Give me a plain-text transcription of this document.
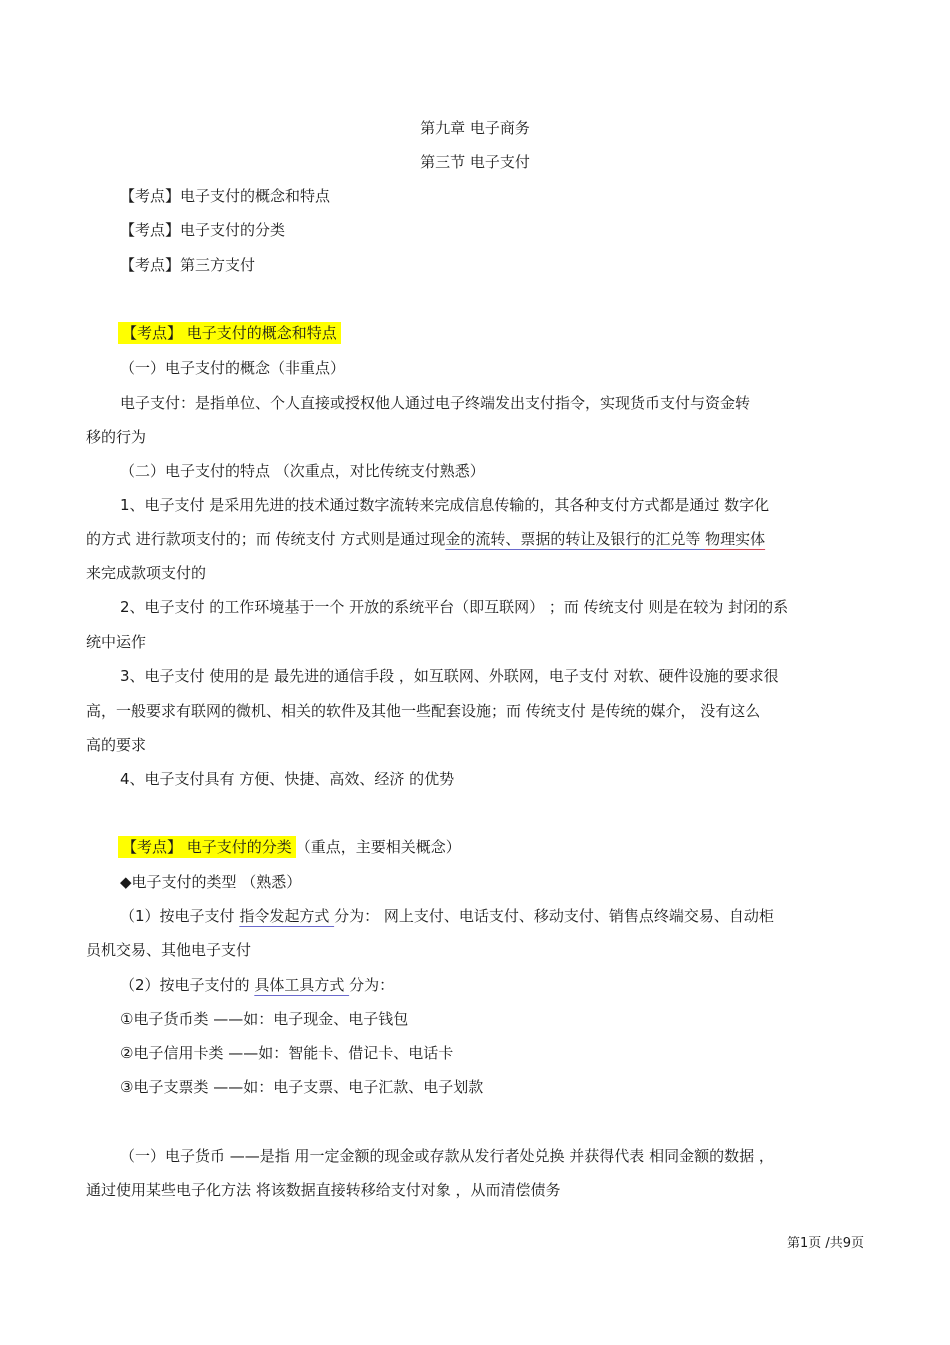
第九章 电子商务
第三节 电子支付
【考点】电子支付的概念和特点
【考点】电子支付的分类
【考点】第三方支付
【考点】 电子支付的概念和特点
（一）电子支付的概念（非重点）
电子支付：是指单位、个人直接或授权他人通过电子终端发出支付指令，实现货币支付与资金转
移的行为
（二）电子支付的特点 （次重点，对比传统支付熟悉）
1、电子支付 是采用先进的技术通过数字流转来完成信息传输的，其各种支付方式都是通过 数字化
的方式 进行款项支付的；而 传统支付 方式则是通过现金的流转、票据的转让及银行的汇兑等 物理实体
来完成款项支付的
2、电子支付 的工作环境基于一个 开放的系统平台（即互联网） ；而 传统支付 则是在较为 封闭的系
统中运作
3、电子支付 使用的是 最先进的通信手段 ，如互联网、外联网，电子支付 对软、硬件设施的要求很
高，一般要求有联网的微机、相关的软件及其他一些配套设施；而 传统支付 是传统的媒介， 没有这么
高的要求
4、电子支付具有 方便、快捷、高效、经济 的优势
【考点】 电子支付的分类 （重点，主要相关概念）
◆电子支付的类型 （熟悉）
（1）按电子支付 指令发起方式 分为： 网上支付、电话支付、移动支付、销售点终端交易、自动柜
员机交易、其他电子支付
（2）按电子支付的 具体工具方式 分为：
①电子货币类 ——如：电子现金、电子钱包
②电子信用卡类 ——如：智能卡、借记卡、电话卡
③电子支票类 ——如：电子支票、电子汇款、电子划款
（一）电子货币 ——是指 用一定金额的现金或存款从发行者处兑换 并获得代表 相同金额的数据 ，
通过使用某些电子化方法 将该数据直接转移给支付对象 ，从而清偿债务
第1页 /共9页
